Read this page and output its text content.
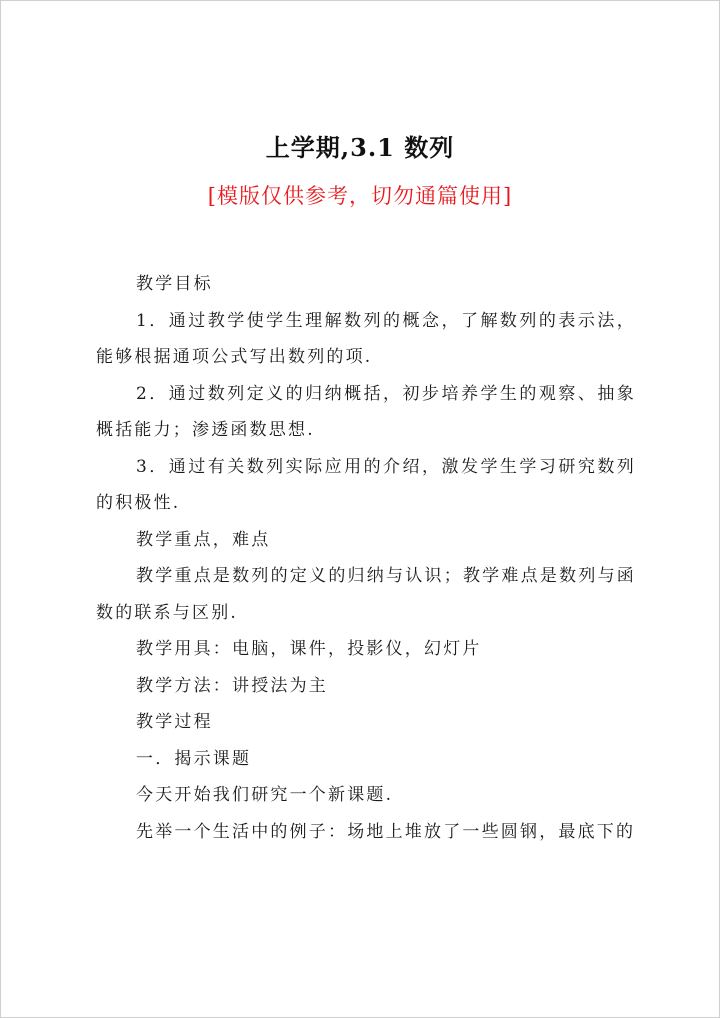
上学期,3.1 数列
[模版仅供参考，切勿通篇使用]

教学目标

1．通过教学使学生理解数列的概念，了解数列的表示法，能够根据通项公式写出数列的项.

2．通过数列定义的归纳概括，初步培养学生的观察、抽象概括能力；渗透函数思想.

3．通过有关数列实际应用的介绍，激发学生学习研究数列的积极性.

教学重点，难点

教学重点是数列的定义的归纳与认识；教学难点是数列与函数的联系与区别.

教学用具：电脑，课件，投影仪，幻灯片

教学方法：讲授法为主

教学过程

一．揭示课题

今天开始我们研究一个新课题.

先举一个生活中的例子：场地上堆放了一些圆钢，最底下的
